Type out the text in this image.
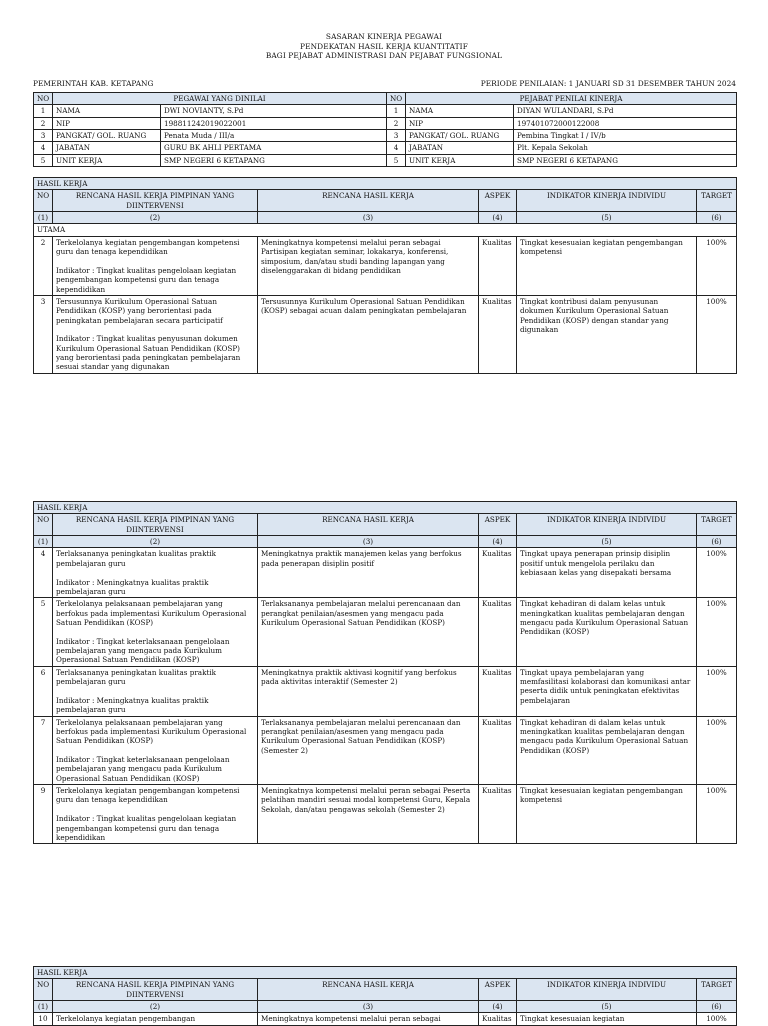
SASARAN KINERJA PEGAWAI
PENDEKATAN HASIL KERJA KUANTITATIF
BAGI PEJABAT ADMINISTRASI DAN PEJABAT FUNGSIONAL
PEMERINTAH KAB. KETAPANG	PERIODE PENILAIAN: 1 JANUARI SD 31 DESEMBER TAHUN 2024
NO	PEGAWAI YANG DINILAI		NO	PEJABAT PENILAI KINERJA	
1	NAMA	DWI NOVIANTY, S.Pd	1	NAMA	DIYAN WULANDARI, S.Pd
2	NIP	198811242019022001	2	NIP	197401072000122008
3	PANGKAT/ GOL. RUANG	Penata Muda / III/a	3	PANGKAT/ GOL. RUANG	Pembina Tingkat I / IV/b
4	JABATAN	GURU BK AHLI PERTAMA	4	JABATAN	Plt. Kepala Sekolah
5	UNIT KERJA	SMP NEGERI 6 KETAPANG	5	UNIT KERJA	SMP NEGERI 6 KETAPANG
HASIL KERJA					
NO	RENCANA HASIL KERJA PIMPINAN YANG DIINTERVENSI	RENCANA HASIL KERJA	ASPEK	INDIKATOR KINERJA INDIVIDU	TARGET
(1)	(2)	(3)	(4)	(5)	(6)
UTAMA					
2	Terkelolanya kegiatan pengembangan kompetensi guru dan tenaga kependidikan

Indikator : Tingkat kualitas pengelolaan kegiatan pengembangan kompetensi guru dan tenaga kependidikan	Meningkatnya kompetensi melalui peran sebagai Partisipan kegiatan seminar, lokakarya, konferensi, simposium, dan/atau studi banding lapangan yang diselenggarakan di bidang pendidikan	Kualitas	Tingkat kesesuaian kegiatan pengembangan kompetensi	100%
3	Tersusunnya Kurikulum Operasional Satuan Pendidikan (KOSP) yang berorientasi pada peningkatan pembelajaran secara participatif

Indikator : Tingkat kualitas penyusunan dokumen Kurikulum Operasional Satuan Pendidikan (KOSP) yang berorientasi pada peningkatan pembelajaran sesuai standar yang digunakan	Tersusunnya Kurikulum Operasional Satuan Pendidikan (KOSP) sebagai acuan dalam peningkatan pembelajaran	Kualitas	Tingkat kontribusi dalam penyusunan dokumen Kurikulum Operasional Satuan Pendidikan (KOSP) dengan standar yang digunakan	100%
HASIL KERJA					
NO	RENCANA HASIL KERJA PIMPINAN YANG DIINTERVENSI	RENCANA HASIL KERJA	ASPEK	INDIKATOR KINERJA INDIVIDU	TARGET
(1)	(2)	(3)	(4)	(5)	(6)
4	Terlaksananya peningkatan kualitas praktik pembelajaran guru

Indikator : Meningkatnya kualitas praktik pembelajaran guru	Meningkatnya praktik manajemen kelas yang berfokus pada penerapan disiplin positif	Kualitas	Tingkat upaya penerapan prinsip disiplin positif untuk mengelola perilaku dan kebiasaan kelas yang disepakati bersama	100%
5	Terkelolanya pelaksanaan pembelajaran yang berfokus pada implementasi Kurikulum Operasional Satuan Pendidikan (KOSP)

Indikator : Tingkat keterlaksanaan pengelolaan pembelajaran yang mengacu pada Kurikulum Operasional Satuan Pendidikan (KOSP)	Terlaksananya pembelajaran melalui perencanaan dan perangkat penilaian/asesmen yang mengacu pada Kurikulum Operasional Satuan Pendidikan (KOSP)	Kualitas	Tingkat kehadiran di dalam kelas untuk meningkatkan kualitas pembelajaran dengan mengacu pada Kurikulum Operasional Satuan Pendidikan (KOSP)	100%
6	Terlaksananya peningkatan kualitas praktik pembelajaran guru

Indikator : Meningkatnya kualitas praktik pembelajaran guru	Meningkatnya praktik aktivasi kognitif yang berfokus pada aktivitas interaktif (Semester 2)	Kualitas	Tingkat upaya pembelajaran yang memfasilitasi kolaborasi dan komunikasi antar peserta didik untuk peningkatan efektivitas pembelajaran	100%
7	Terkelolanya pelaksanaan pembelajaran yang berfokus pada implementasi Kurikulum Operasional Satuan Pendidikan (KOSP)

Indikator : Tingkat keterlaksanaan pengelolaan pembelajaran yang mengacu pada Kurikulum Operasional Satuan Pendidikan (KOSP)	Terlaksananya pembelajaran melalui perencanaan dan perangkat penilaian/asesmen yang mengacu pada Kurikulum Operasional Satuan Pendidikan (KOSP) (Semester 2)	Kualitas	Tingkat kehadiran di dalam kelas untuk meningkatkan kualitas pembelajaran dengan mengacu pada Kurikulum Operasional Satuan Pendidikan (KOSP)	100%
9	Terkelolanya kegiatan pengembangan kompetensi guru dan tenaga kependidikan

Indikator : Tingkat kualitas pengelolaan kegiatan pengembangan kompetensi guru dan tenaga kependidikan	Meningkatnya kompetensi melalui peran sebagai Peserta pelatihan mandiri sesuai modal kompetensi Guru, Kepala Sekolah, dan/atau pengawas sekolah (Semester 2)	Kualitas	Tingkat kesesuaian kegiatan pengembangan kompetensi	100%
HASIL KERJA					
NO	RENCANA HASIL KERJA PIMPINAN YANG DIINTERVENSI	RENCANA HASIL KERJA	ASPEK	INDIKATOR KINERJA INDIVIDU	TARGET
(1)	(2)	(3)	(4)	(5)	(6)
10	Terkelolanya kegiatan pengembangan	Meningkatnya kompetensi melalui peran sebagai	Kualitas	Tingkat kesesuaian kegiatan	100%
